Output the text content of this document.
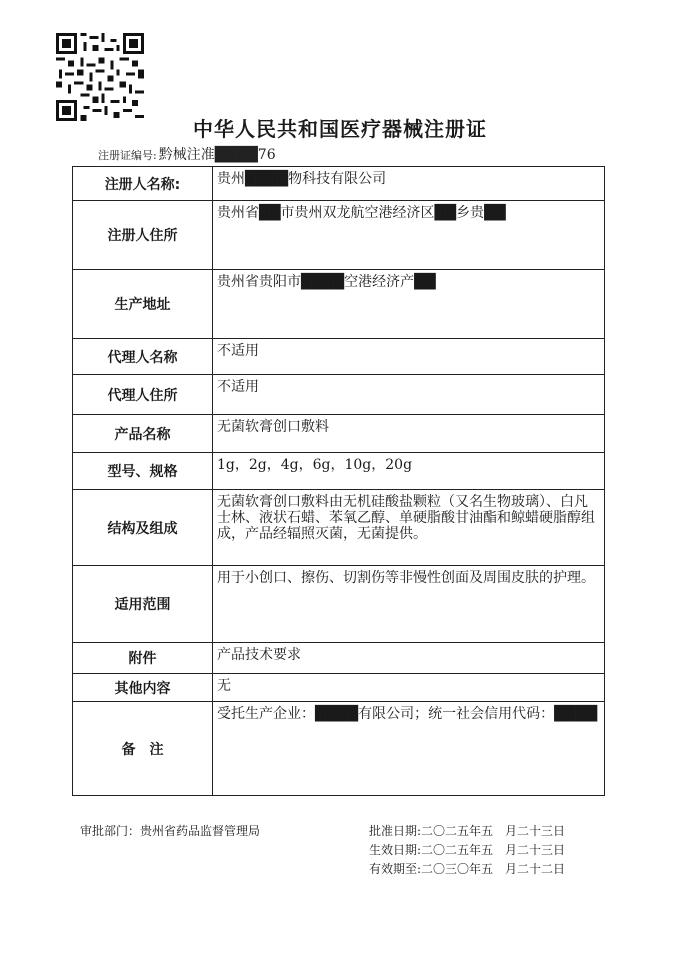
中华人民共和国医疗器械注册证
注册证编号: 黔械注准████76
注册人名称:	贵州████物科技有限公司
注册人住所	贵州省██市贵州双龙航空港经济区██乡贵██
生产地址	贵州省贵阳市████空港经济产██
代理人名称	不适用
代理人住所	不适用
产品名称	无菌软膏创口敷料
型号、规格	1g，2g，4g，6g，10g，20g
结构及组成	无菌软膏创口敷料由无机硅酸盐颗粒（又名生物玻璃）、白凡士林、液状石蜡、苯氧乙醇、单硬脂酸甘油酯和鲸蜡硬脂醇组成，产品经辐照灭菌，无菌提供。
适用范围	用于小创口、擦伤、切割伤等非慢性创面及周围皮肤的护理。
附件	产品技术要求
其他内容	无
备　注	受托生产企业：████有限公司；统一社会信用代码：████
审批部门：贵州省药品监督管理局	批准日期:二〇二五年五　月二十三日
生效日期:二〇二五年五　月二十三日
有效期至:二〇三〇年五　月二十二日
